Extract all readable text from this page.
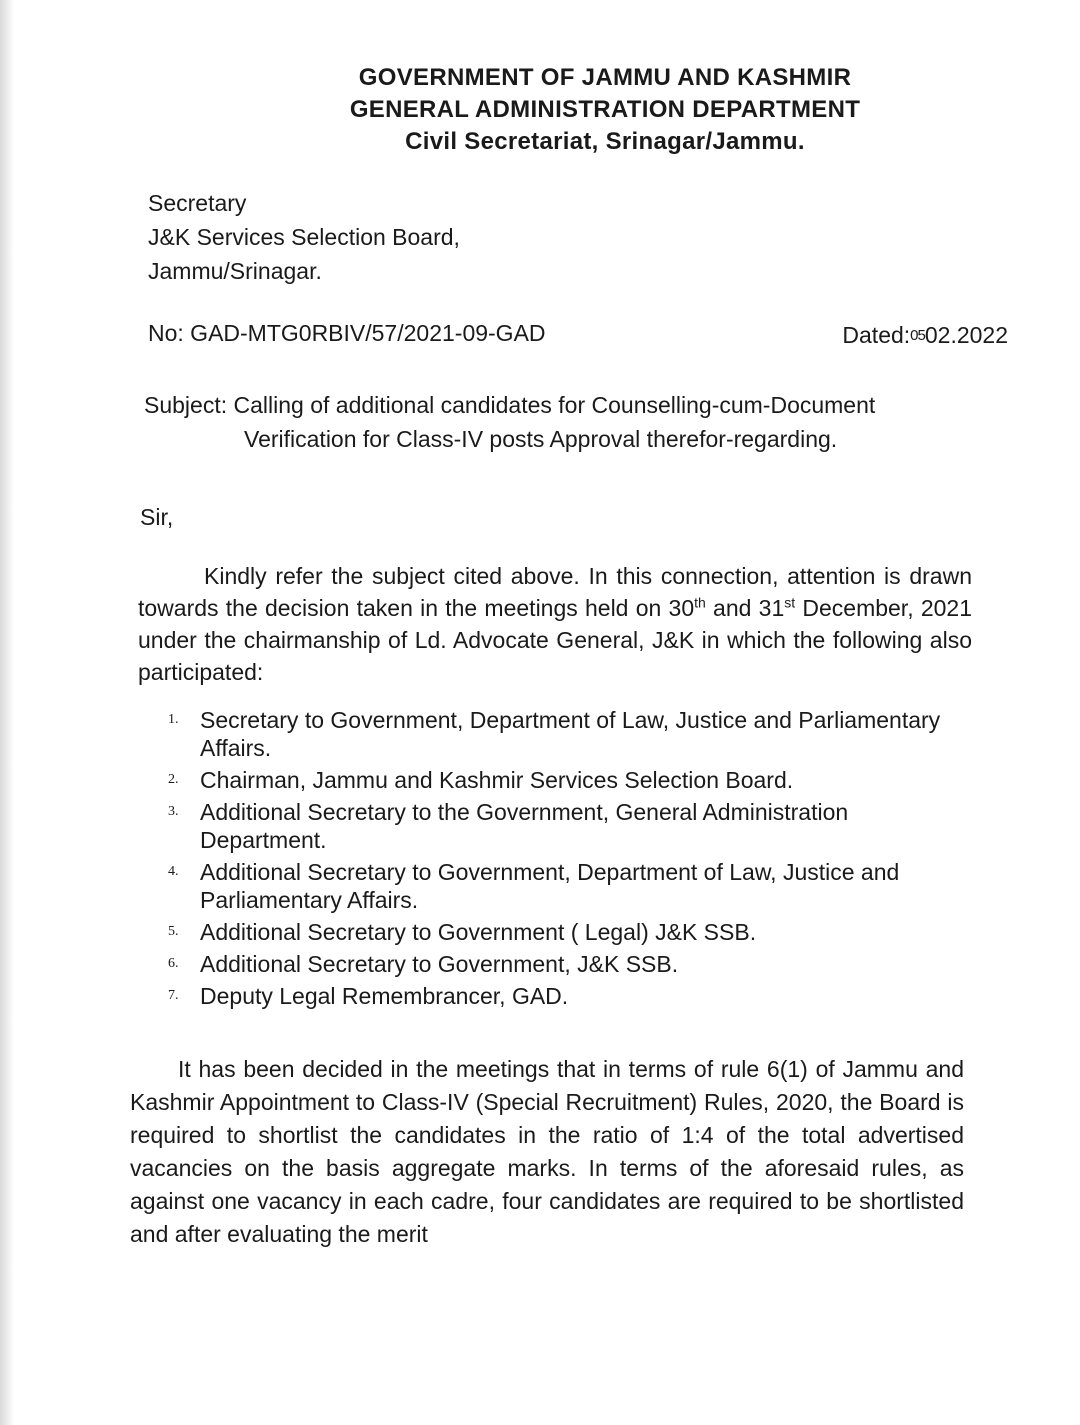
GOVERNMENT OF JAMMU AND KASHMIR
GENERAL ADMINISTRATION DEPARTMENT
Civil Secretariat, Srinagar/Jammu.
Secretary
J&K Services Selection Board,
Jammu/Srinagar.
No: GAD-MTG0RBIV/57/2021-09-GAD	Dated:0502.2022
Subject: Calling of additional candidates for Counselling-cum-Document
Verification for Class-IV posts Approval therefor-regarding.
Sir,
Kindly refer the subject cited above. In this connection, attention is drawn towards the decision taken in the meetings held on 30th and 31st December, 2021 under the chairmanship of Ld. Advocate General, J&K in which the following also participated:
1. Secretary to Government, Department of Law, Justice and Parliamentary Affairs.
2. Chairman, Jammu and Kashmir Services Selection Board.
3. Additional Secretary to the Government, General Administration Department.
4. Additional Secretary to Government, Department of Law, Justice and Parliamentary Affairs.
5. Additional Secretary to Government ( Legal) J&K SSB.
6. Additional Secretary to Government, J&K SSB.
7. Deputy Legal Remembrancer, GAD.
It has been decided in the meetings that in terms of rule 6(1) of Jammu and Kashmir Appointment to Class-IV (Special Recruitment) Rules, 2020, the Board is required to shortlist the candidates in the ratio of 1:4 of the total advertised vacancies on the basis aggregate marks. In terms of the aforesaid rules, as against one vacancy in each cadre, four candidates are required to be shortlisted and after evaluating the merit
